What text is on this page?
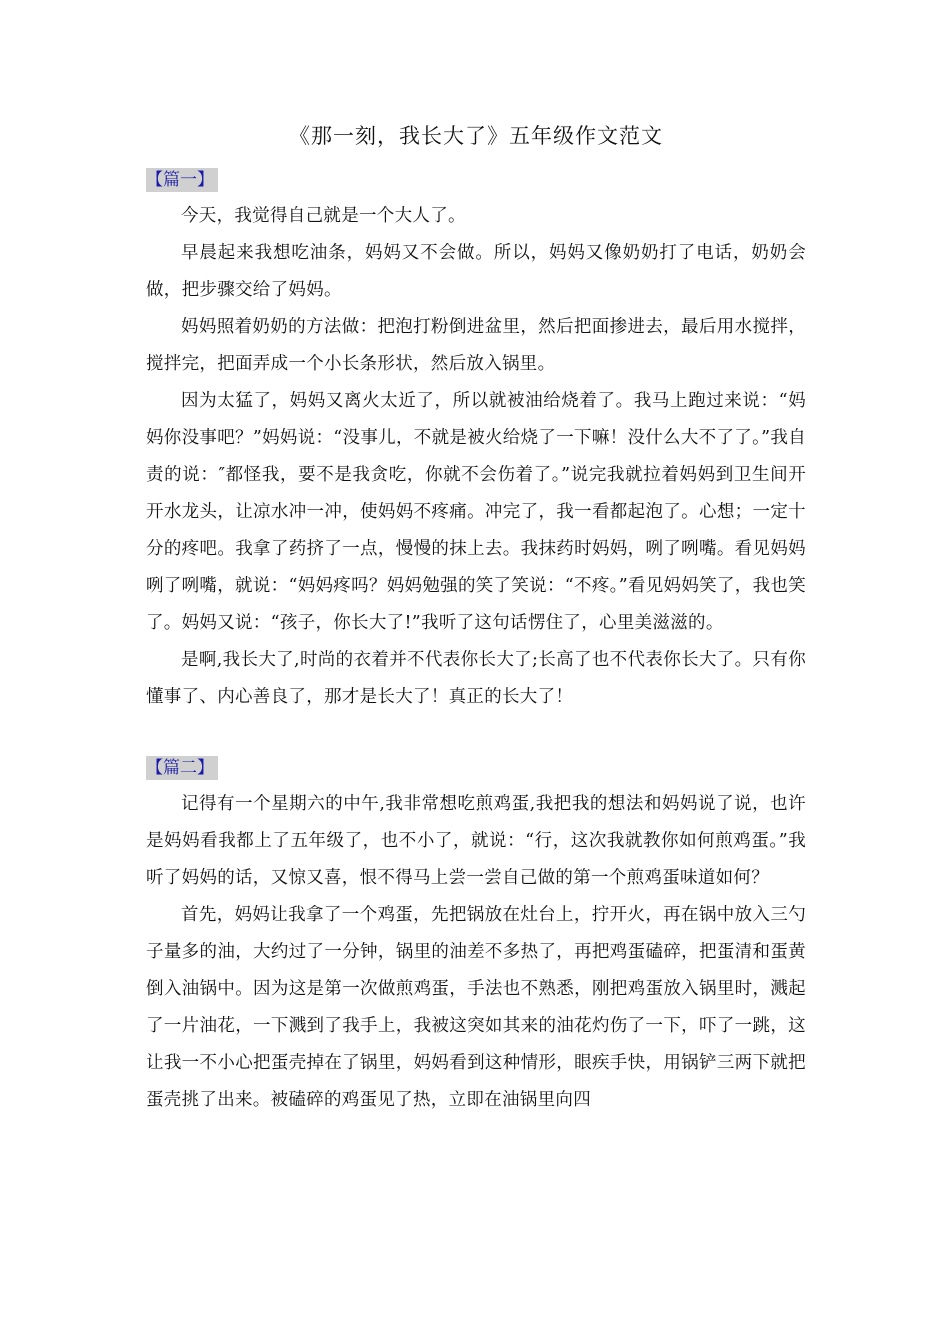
《那一刻，我长大了》五年级作文范文
【篇一】

今天，我觉得自己就是一个大人了。

早晨起来我想吃油条，妈妈又不会做。所以，妈妈又像奶奶打了电话，奶奶会做，把步骤交给了妈妈。

妈妈照着奶奶的方法做：把泡打粉倒进盆里，然后把面掺进去，最后用水搅拌，搅拌完，把面弄成一个小长条形状，然后放入锅里。

因为太猛了，妈妈又离火太近了，所以就被油给烧着了。我马上跑过来说：“妈妈你没事吧？”妈妈说：“没事儿，不就是被火给烧了一下嘛！没什么大不了了。”我自责的说：″都怪我，要不是我贪吃，你就不会伤着了。”说完我就拉着妈妈到卫生间开开水龙头，让凉水冲一冲，使妈妈不疼痛。冲完了，我一看都起泡了。心想；一定十分的疼吧。我拿了药挤了一点，慢慢的抹上去。我抹药时妈妈，咧了咧嘴。看见妈妈咧了咧嘴，就说：“妈妈疼吗？妈妈勉强的笑了笑说：“不疼。”看见妈妈笑了，我也笑了。妈妈又说：“孩子，你长大了!”我听了这句话愣住了，心里美滋滋的。

是啊,我长大了,时尚的衣着并不代表你长大了;长高了也不代表你长大了。只有你懂事了、内心善良了，那才是长大了！真正的长大了！

【篇二】

记得有一个星期六的中午,我非常想吃煎鸡蛋,我把我的想法和妈妈说了说，也许是妈妈看我都上了五年级了，也不小了，就说：“行，这次我就教你如何煎鸡蛋。”我听了妈妈的话，又惊又喜，恨不得马上尝一尝自己做的第一个煎鸡蛋味道如何？

首先，妈妈让我拿了一个鸡蛋，先把锅放在灶台上，拧开火，再在锅中放入三勺子量多的油，大约过了一分钟，锅里的油差不多热了，再把鸡蛋磕碎，把蛋清和蛋黄倒入油锅中。因为这是第一次做煎鸡蛋，手法也不熟悉，刚把鸡蛋放入锅里时，溅起了一片油花，一下溅到了我手上，我被这突如其来的油花灼伤了一下，吓了一跳，这让我一不小心把蛋壳掉在了锅里，妈妈看到这种情形，眼疾手快，用锅铲三两下就把蛋壳挑了出来。被磕碎的鸡蛋见了热，立即在油锅里向四
